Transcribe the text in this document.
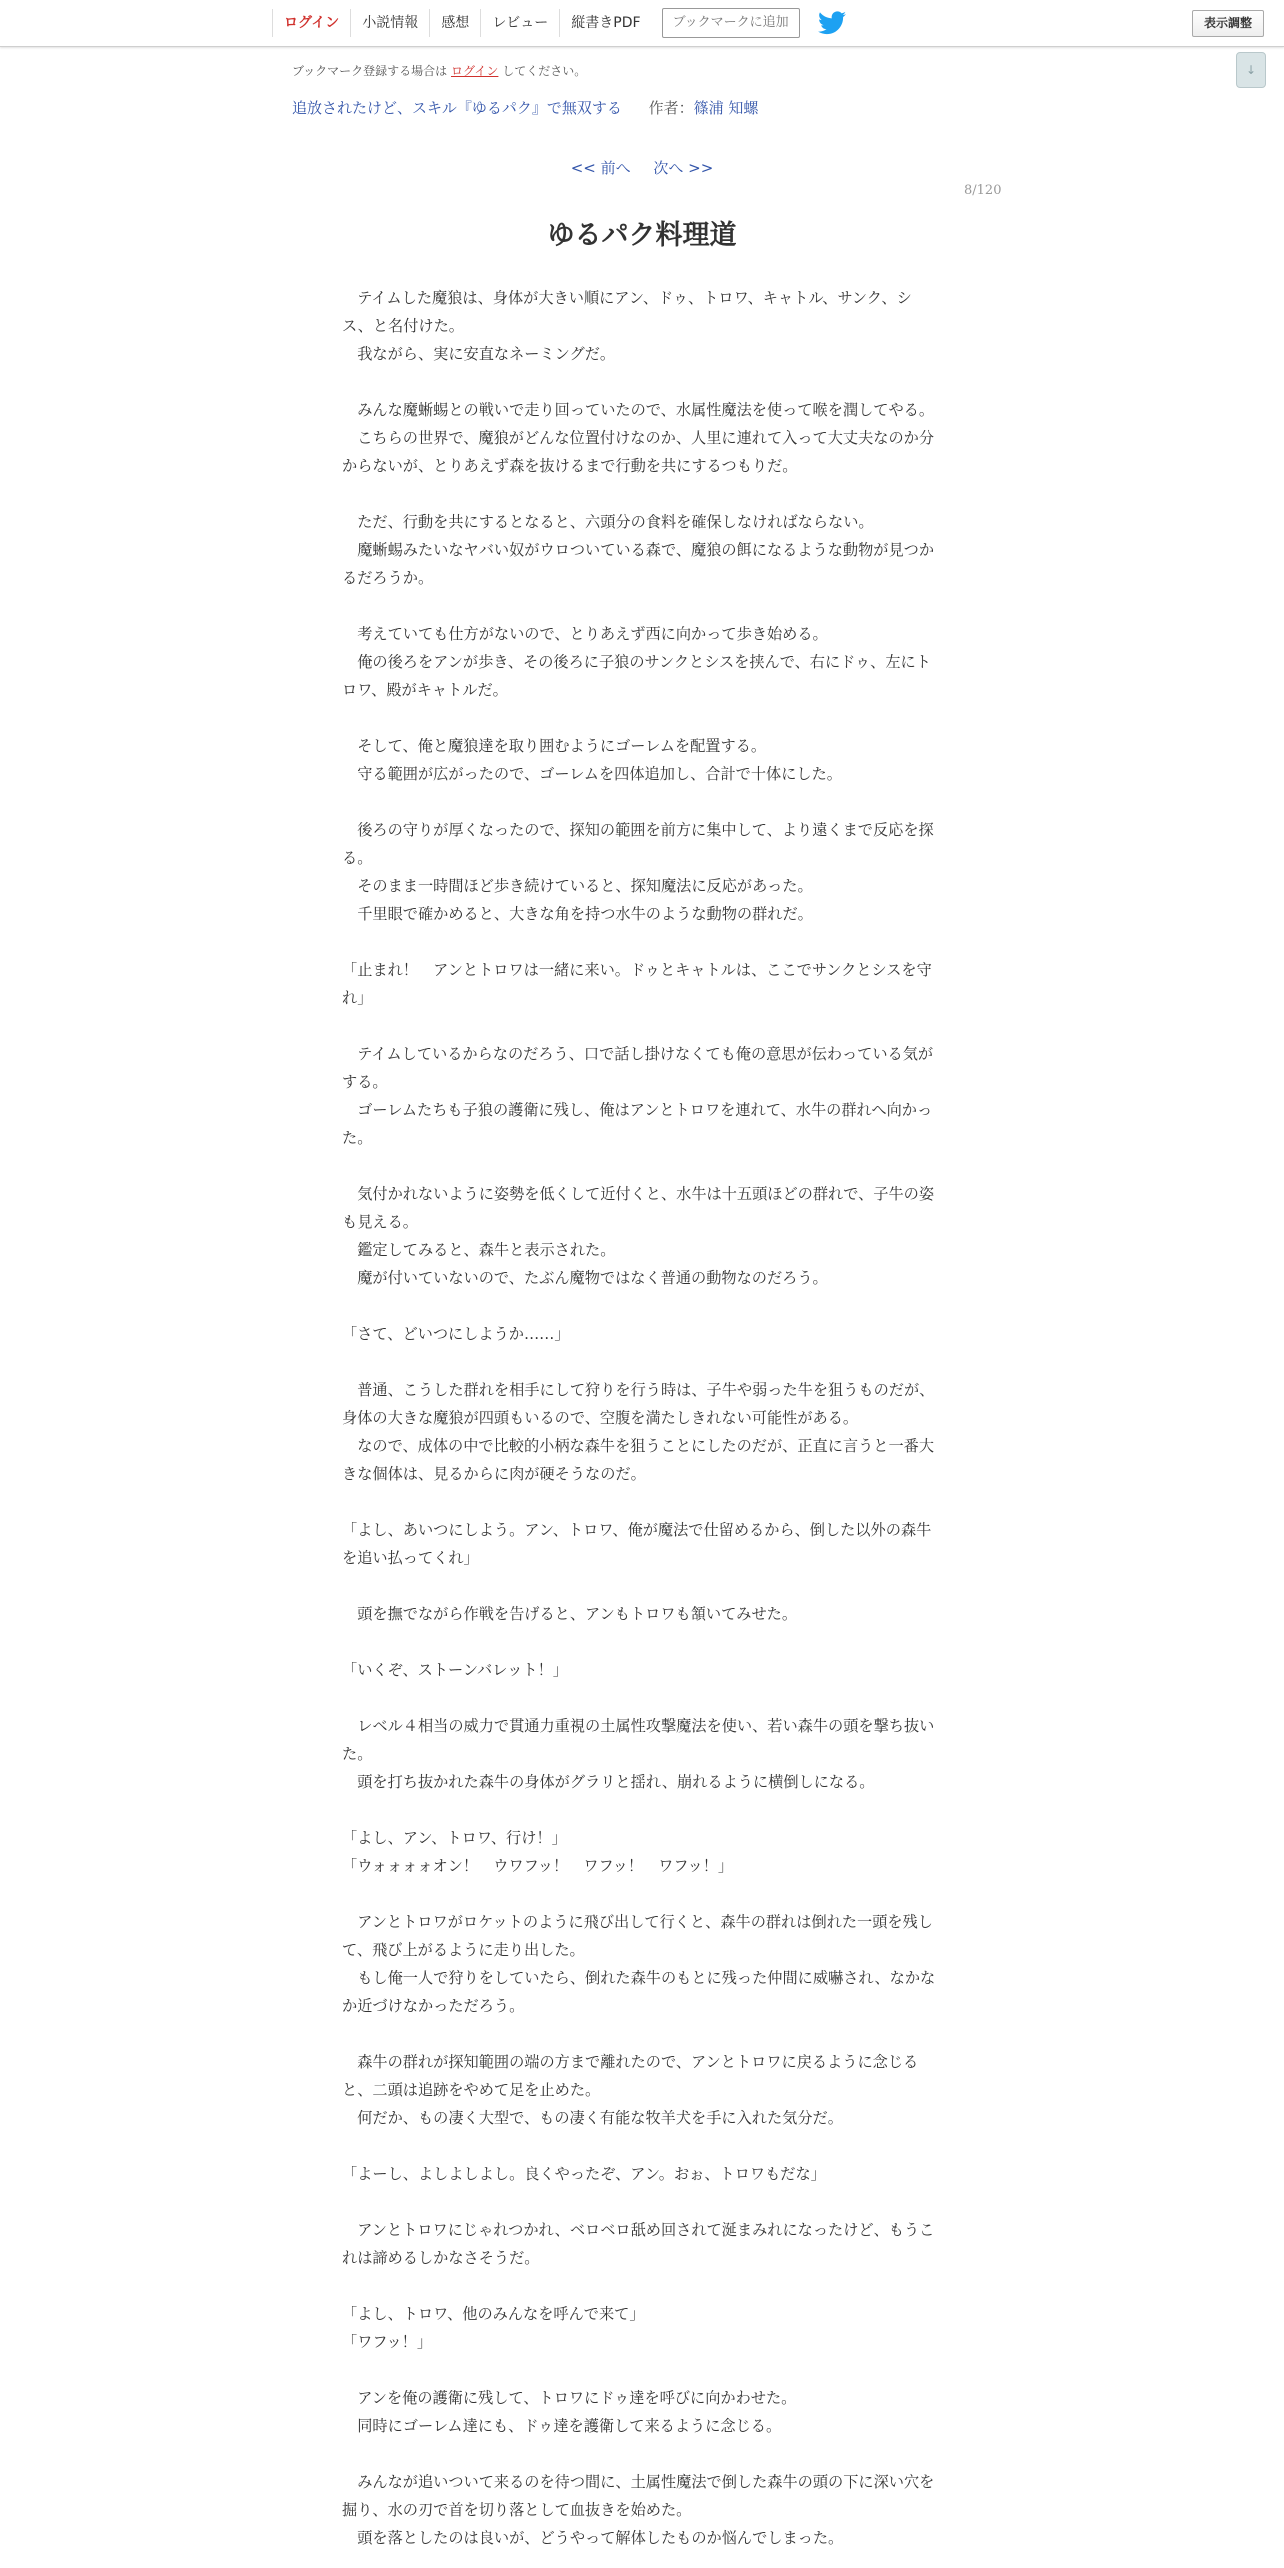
ログイン	小説情報	感想	レビュー	縦書きPDF	ブックマークに追加	表示調整
↓
ブックマーク登録する場合は ログイン してください。
追放されたけど、スキル『ゆるパク』で無双する 作者：篠浦 知螺
<< 前へ 次へ >>
8/120
ゆるパク料理道

　テイムした魔狼は、身体が大きい順にアン、ドゥ、トロワ、キャトル、サンク、シス、と名付けた。

　我ながら、実に安直なネーミングだ。

　みんな魔蜥蜴との戦いで走り回っていたので、水属性魔法を使って喉を潤してやる。

　こちらの世界で、魔狼がどんな位置付けなのか、人里に連れて入って大丈夫なのか分からないが、とりあえず森を抜けるまで行動を共にするつもりだ。

　ただ、行動を共にするとなると、六頭分の食料を確保しなければならない。

　魔蜥蜴みたいなヤバい奴がウロついている森で、魔狼の餌になるような動物が見つかるだろうか。

　考えていても仕方がないので、とりあえず西に向かって歩き始める。

　俺の後ろをアンが歩き、その後ろに子狼のサンクとシスを挟んで、右にドゥ、左にトロワ、殿がキャトルだ。

　そして、俺と魔狼達を取り囲むようにゴーレムを配置する。

　守る範囲が広がったので、ゴーレムを四体追加し、合計で十体にした。

　後ろの守りが厚くなったので、探知の範囲を前方に集中して、より遠くまで反応を探る。

　そのまま一時間ほど歩き続けていると、探知魔法に反応があった。

　千里眼で確かめると、大きな角を持つ水牛のような動物の群れだ。

「止まれ！　アンとトロワは一緒に来い。ドゥとキャトルは、ここでサンクとシスを守れ」

　テイムしているからなのだろう、口で話し掛けなくても俺の意思が伝わっている気がする。

　ゴーレムたちも子狼の護衛に残し、俺はアンとトロワを連れて、水牛の群れへ向かった。

　気付かれないように姿勢を低くして近付くと、水牛は十五頭ほどの群れで、子牛の姿も見える。

　鑑定してみると、森牛と表示された。

　魔が付いていないので、たぶん魔物ではなく普通の動物なのだろう。

「さて、どいつにしようか……」

　普通、こうした群れを相手にして狩りを行う時は、子牛や弱った牛を狙うものだが、身体の大きな魔狼が四頭もいるので、空腹を満たしきれない可能性がある。

　なので、成体の中で比較的小柄な森牛を狙うことにしたのだが、正直に言うと一番大きな個体は、見るからに肉が硬そうなのだ。

「よし、あいつにしよう。アン、トロワ、俺が魔法で仕留めるから、倒した以外の森牛を追い払ってくれ」

　頭を撫でながら作戦を告げると、アンもトロワも頷いてみせた。

「いくぞ、ストーンバレット！」

　レベル４相当の威力で貫通力重視の土属性攻撃魔法を使い、若い森牛の頭を撃ち抜いた。

　頭を打ち抜かれた森牛の身体がグラリと揺れ、崩れるように横倒しになる。

「よし、アン、トロワ、行け！」

「ウォォォォオン！　ウワフッ！　ワフッ！　ワフッ！」

　アンとトロワがロケットのように飛び出して行くと、森牛の群れは倒れた一頭を残して、飛び上がるように走り出した。

　もし俺一人で狩りをしていたら、倒れた森牛のもとに残った仲間に威嚇され、なかなか近づけなかっただろう。

　森牛の群れが探知範囲の端の方まで離れたので、アンとトロワに戻るように念じると、二頭は追跡をやめて足を止めた。

　何だか、もの凄く大型で、もの凄く有能な牧羊犬を手に入れた気分だ。

「よーし、よしよしよし。良くやったぞ、アン。おぉ、トロワもだな」

　アンとトロワにじゃれつかれ、ベロベロ舐め回されて涎まみれになったけど、もうこれは諦めるしかなさそうだ。

「よし、トロワ、他のみんなを呼んで来て」

「ワフッ！」

　アンを俺の護衛に残して、トロワにドゥ達を呼びに向かわせた。

　同時にゴーレム達にも、ドゥ達を護衛して来るように念じる。

　みんなが追いついて来るのを待つ間に、土属性魔法で倒した森牛の頭の下に深い穴を掘り、水の刃で首を切り落として血抜きを始めた。

　頭を落としたのは良いが、どうやって解体したものか悩んでしまった。
